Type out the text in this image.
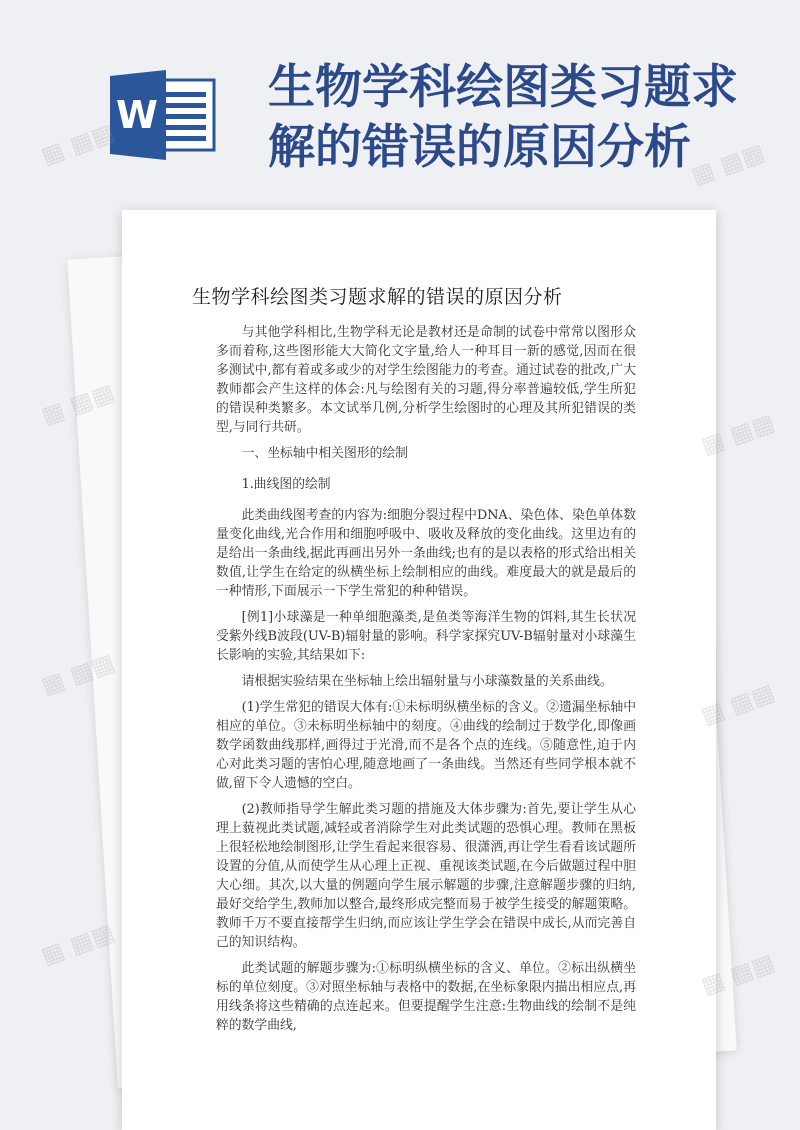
W 生物学科绘图类习题求解的错误的原因分析
生物学科绘图类习题求解的错误的原因分析

与其他学科相比,生物学科无论是教材还是命制的试卷中常常以图形众多而着称,这些图形能大大简化文字量,给人一种耳目一新的感觉,因而在很多测试中,都有着或多或少的对学生绘图能力的考查。通过试卷的批改,广大教师都会产生这样的体会:凡与绘图有关的习题,得分率普遍较低,学生所犯的错误种类繁多。本文试举几例,分析学生绘图时的心理及其所犯错误的类型,与同行共研。

一、坐标轴中相关图形的绘制

1.曲线图的绘制

此类曲线图考查的内容为:细胞分裂过程中DNA、染色体、染色单体数量变化曲线,光合作用和细胞呼吸中、吸收及释放的变化曲线。这里边有的是给出一条曲线,据此再画出另外一条曲线;也有的是以表格的形式给出相关数值,让学生在给定的纵横坐标上绘制相应的曲线。难度最大的就是最后的一种情形,下面展示一下学生常犯的种种错误。

[例1]小球藻是一种单细胞藻类,是鱼类等海洋生物的饵料,其生长状况受紫外线B波段(UV-B)辐射量的影响。科学家探究UV-B辐射量对小球藻生长影响的实验,其结果如下:

请根据实验结果在坐标轴上绘出辐射量与小球藻数量的关系曲线。

(1)学生常犯的错误大体有:①未标明纵横坐标的含义。②遗漏坐标轴中相应的单位。③未标明坐标轴中的刻度。④曲线的绘制过于数学化,即像画数学函数曲线那样,画得过于光滑,而不是各个点的连线。⑤随意性,迫于内心对此类习题的害怕心理,随意地画了一条曲线。当然还有些同学根本就不做,留下令人遗憾的空白。

(2)教师指导学生解此类习题的措施及大体步骤为:首先,要让学生从心理上藐视此类试题,减轻或者消除学生对此类试题的恐惧心理。教师在黑板上很轻松地绘制图形,让学生看起来很容易、很潇洒,再让学生看看该试题所设置的分值,从而使学生从心理上正视、重视该类试题,在今后做题过程中胆大心细。其次,以大量的例题向学生展示解题的步骤,注意解题步骤的归纳,最好交给学生,教师加以整合,最终形成完整而易于被学生接受的解题策略。教师千万不要直接帮学生归纳,而应该让学生学会在错误中成长,从而完善自己的知识结构。

此类试题的解题步骤为:①标明纵横坐标的含义、单位。②标出纵横坐标的单位刻度。③对照坐标轴与表格中的数据,在坐标象限内描出相应点,再用线条将这些精确的点连起来。但要提醒学生注意:生物曲线的绘制不是纯粹的数学曲线,

▦ ▦▦	▦ ▦▦
▦ ▦▦
▦ ▦▦
▦ ▦▦
▦ ▦▦
▦ ▦▦
▦ ▦▦
